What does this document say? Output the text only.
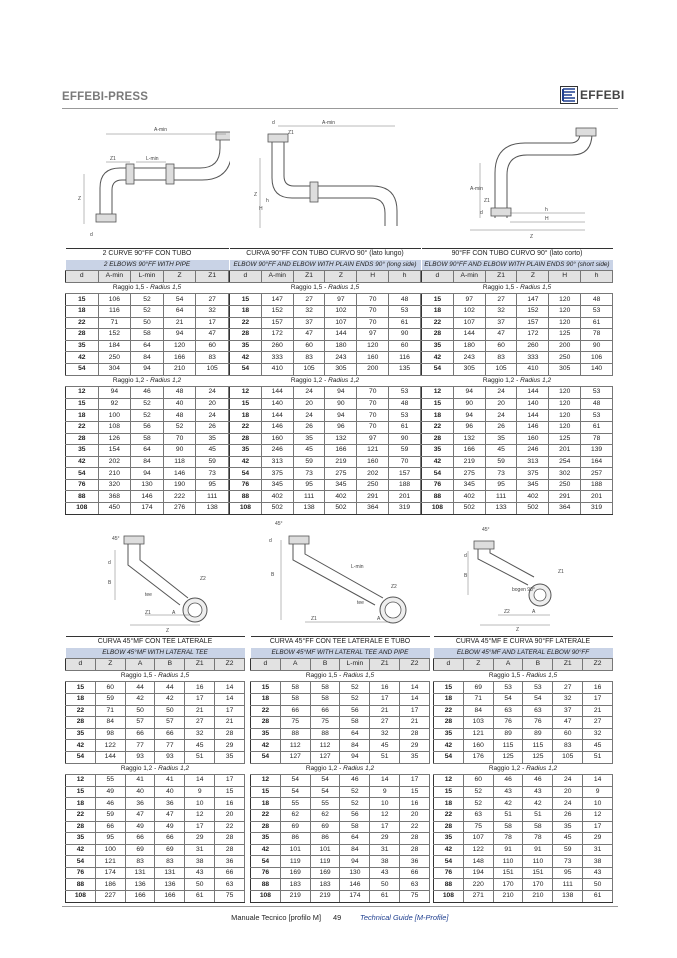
EFFEBI-PRESS	EFFEBI
A-min
Z1	L-min
Z
d
d
Z1
A-min
Z
h
H
A-min
Z1
d	h
H
Z
45°
d
B
Z2
tee
Z1	A
Z
45°
d
B
L-min
Z2
tee
Z1	A
45°
d
B
Z1
bogen 90°
Z2	A
Z
2 CURVE 90°FF CON TUBO				
2 ELBOWS 90°FF WITH PIPE				
d	A-min	L-min	Z	Z1
Raggio 1,5 - Radius 1,5				
15	106	52	54	27
18	116	52	64	32
22	71	50	21	17
28	152	58	94	47
35	184	64	120	60
42	250	84	166	83
54	304	94	210	105
Raggio 1,2 - Radius 1,2				
12	94	46	48	24
15	92	52	40	20
18	100	52	48	24
22	108	56	52	26
28	126	58	70	35
35	154	64	90	45
42	202	84	118	59
54	210	94	146	73
76	320	130	190	95
88	368	146	222	111
108	450	174	276	138
CURVA 90°FF CON TUBO CURVO 90° (lato lungo)					
ELBOW 90°FF AND ELBOW WITH PLAIN ENDS 90° (long side)					
d	A-min	Z1	Z	H	h
Raggio 1,5 - Radius 1,5					
15	147	27	97	70	48
18	152	32	102	70	53
22	157	37	107	70	61
28	172	47	144	97	90
35	260	60	180	120	60
42	333	83	243	160	116
54	410	105	305	200	135
Raggio 1,2 - Radius 1,2					
12	144	24	94	70	53
15	140	20	90	70	48
18	144	24	94	70	53
22	146	26	96	70	61
28	160	35	132	97	90
35	246	45	166	121	59
42	313	59	219	160	70
54	375	73	275	202	157
76	345	95	345	250	188
88	402	111	402	291	201
108	502	138	502	364	319
90°FF CON TUBO CURVO 90° (lato corto)					
ELBOW 90°FF AND ELBOW WITH PLAIN ENDS 90° (short side)					
d	A-min	Z1	Z	H	h
Raggio 1,5 - Radius 1,5					
15	97	27	147	120	48
18	102	32	152	120	53
22	107	37	157	120	61
28	144	47	172	125	78
35	180	60	260	200	90
42	243	83	333	250	106
54	305	105	410	305	140
Raggio 1,2 - Radius 1,2					
12	94	24	144	120	53
15	90	20	140	120	48
18	94	24	144	120	53
22	96	26	146	120	61
28	132	35	160	125	78
35	166	45	246	201	139
42	219	59	313	254	164
54	275	73	375	302	257
76	345	95	345	250	188
88	402	111	402	291	201
108	502	133	502	364	319
CURVA 45°MF CON TEE LATERALE					
ELBOW 45°MF WITH LATERAL TEE					
d	Z	A	B	Z1	Z2
Raggio 1,5 - Radius 1,5					
15	60	44	44	16	14
18	59	42	42	17	14
22	71	50	50	21	17
28	84	57	57	27	21
35	98	66	66	32	28
42	122	77	77	45	29
54	144	93	93	51	35
Raggio 1,2 - Radius 1,2					
12	55	41	41	14	17
15	49	40	40	9	15
18	46	36	36	10	16
22	59	47	47	12	20
28	66	49	49	17	22
35	95	66	66	29	28
42	100	69	69	31	28
54	121	83	83	38	36
76	174	131	131	43	66
88	186	136	136	50	63
108	227	166	166	61	75
CURVA 45°FF CON TEE LATERALE E TUBO					
ELBOW 45°MF WITH LATERAL TEE AND PIPE					
d	A	B	L-min	Z1	Z2
Raggio 1,5 - Radius 1,5					
15	58	58	52	16	14
18	58	58	52	17	14
22	66	66	56	21	17
28	75	75	58	27	21
35	88	88	64	32	28
42	112	112	84	45	29
54	127	127	94	51	35
Raggio 1,2 - Radius 1,2					
12	54	54	46	14	17
15	54	54	52	9	15
18	55	55	52	10	16
22	62	62	56	12	20
28	69	69	58	17	22
35	86	86	64	29	28
42	101	101	84	31	28
54	119	119	94	38	36
76	169	169	130	43	66
88	183	183	146	50	63
108	219	219	174	61	75
CURVA 45°MF E CURVA 90°FF LATERALE					
ELBOW 45°MF AND LATERAL ELBOW 90°FF					
d	Z	A	B	Z1	Z2
Raggio 1,5 - Radius 1,5					
15	69	53	53	27	16
18	71	54	54	32	17
22	84	63	63	37	21
28	103	76	76	47	27
35	121	89	89	60	32
42	160	115	115	83	45
54	176	125	125	105	51
Raggio 1,2 - Radius 1,2					
12	60	46	46	24	14
15	52	43	43	20	9
18	52	42	42	24	10
22	63	51	51	26	12
28	75	58	58	35	17
35	107	78	78	45	29
42	122	91	91	59	31
54	148	110	110	73	38
76	194	151	151	95	43
88	220	170	170	111	50
108	271	210	210	138	61
Manuale Tecnico [profilo M] 49	Technical Guide [M-Profile]
